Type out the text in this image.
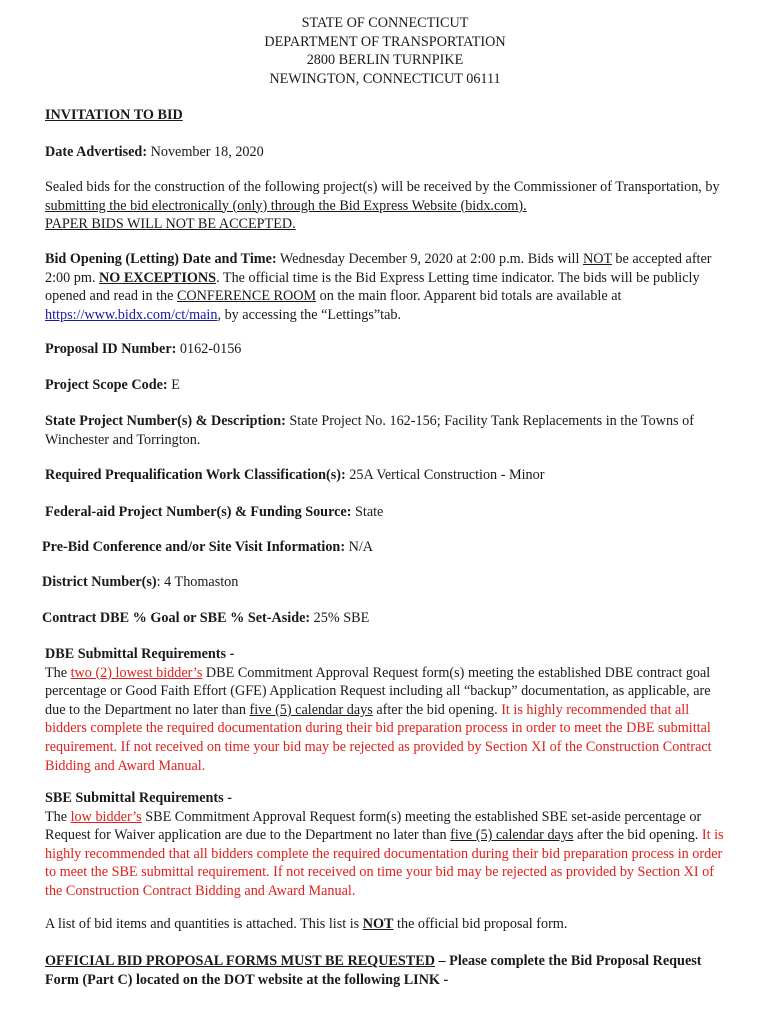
STATE OF CONNECTICUT
DEPARTMENT OF TRANSPORTATION
2800 BERLIN TURNPIKE
NEWINGTON, CONNECTICUT 06111
INVITATION TO BID
Date Advertised: November 18, 2020
Sealed bids for the construction of the following project(s) will be received by the Commissioner of Transportation, by submitting the bid electronically (only) through the Bid Express Website (bidx.com).
PAPER BIDS WILL NOT BE ACCEPTED.
Bid Opening (Letting) Date and Time: Wednesday December 9, 2020 at 2:00 p.m. Bids will NOT be accepted after 2:00 pm. NO EXCEPTIONS. The official time is the Bid Express Letting time indicator. The bids will be publicly opened and read in the CONFERENCE ROOM on the main floor. Apparent bid totals are available at https://www.bidx.com/ct/main, by accessing the “Lettings”tab.
Proposal ID Number: 0162-0156
Project Scope Code: E
State Project Number(s) & Description: State Project No. 162-156; Facility Tank Replacements in the Towns of Winchester and Torrington.
Required Prequalification Work Classification(s): 25A Vertical Construction - Minor
Federal-aid Project Number(s) & Funding Source: State
Pre-Bid Conference and/or Site Visit Information: N/A
District Number(s): 4 Thomaston
Contract DBE % Goal or SBE % Set-Aside: 25% SBE
DBE Submittal Requirements -
The two (2) lowest bidder’s DBE Commitment Approval Request form(s) meeting the established DBE contract goal percentage or Good Faith Effort (GFE) Application Request including all “backup” documentation, as applicable, are due to the Department no later than five (5) calendar days after the bid opening. It is highly recommended that all bidders complete the required documentation during their bid preparation process in order to meet the DBE submittal requirement. If not received on time your bid may be rejected as provided by Section XI of the Construction Contract Bidding and Award Manual.
SBE Submittal Requirements -
The low bidder’s SBE Commitment Approval Request form(s) meeting the established SBE set-aside percentage or Request for Waiver application are due to the Department no later than five (5) calendar days after the bid opening. It is highly recommended that all bidders complete the required documentation during their bid preparation process in order to meet the SBE submittal requirement. If not received on time your bid may be rejected as provided by Section XI of the Construction Contract Bidding and Award Manual.
A list of bid items and quantities is attached. This list is NOT the official bid proposal form.
OFFICIAL BID PROPOSAL FORMS MUST BE REQUESTED – Please complete the Bid Proposal Request Form (Part C) located on the DOT website at the following LINK -
